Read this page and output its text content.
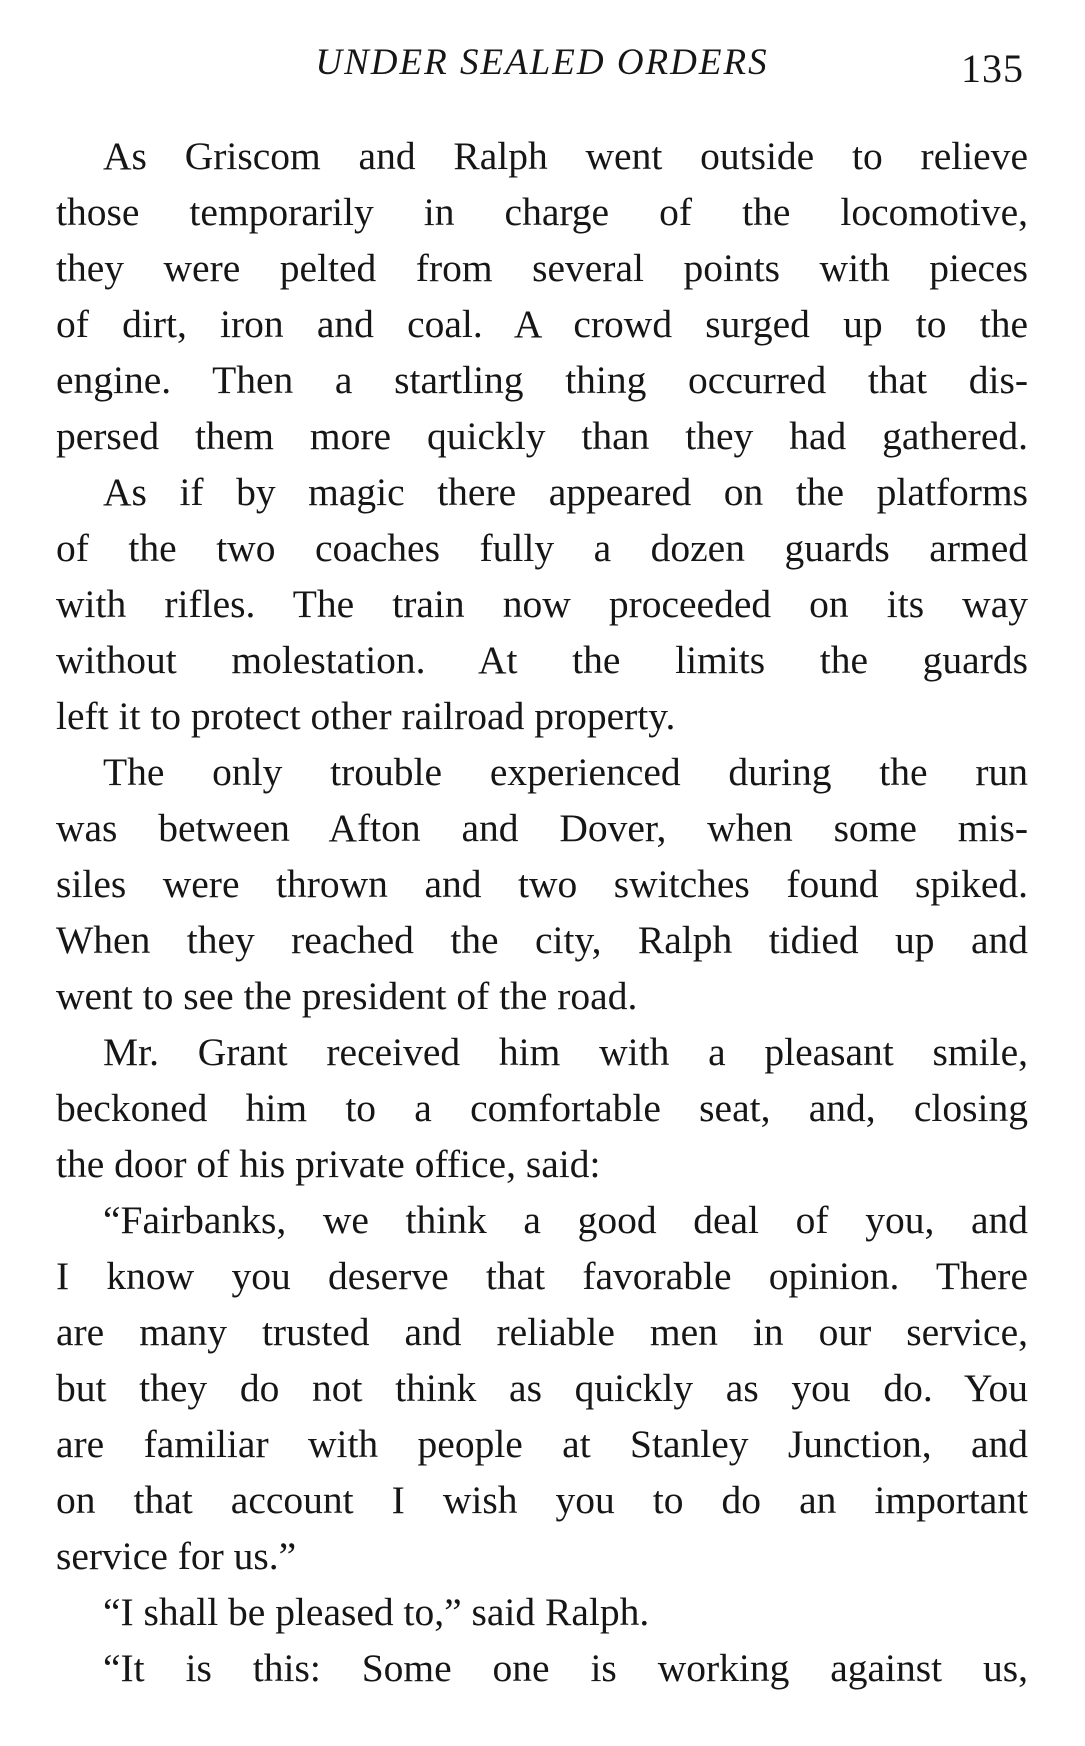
UNDER SEALED ORDERS	135
As Griscom and Ralph went outside to relieve
those temporarily in charge of the locomotive,
they were pelted from several points with pieces
of dirt, iron and coal. A crowd surged up to the
engine. Then a startling thing occurred that dis-
persed them more quickly than they had gathered.
As if by magic there appeared on the platforms
of the two coaches fully a dozen guards armed
with rifles. The train now proceeded on its way
without molestation. At the limits the guards
left it to protect other railroad property.
The only trouble experienced during the run
was between Afton and Dover, when some mis-
siles were thrown and two switches found spiked.
When they reached the city, Ralph tidied up and
went to see the president of the road.
Mr. Grant received him with a pleasant smile,
beckoned him to a comfortable seat, and, closing
the door of his private office, said:
“Fairbanks, we think a good deal of you, and
I know you deserve that favorable opinion. There
are many trusted and reliable men in our service,
but they do not think as quickly as you do. You
are familiar with people at Stanley Junction, and
on that account I wish you to do an important
service for us.”
“I shall be pleased to,” said Ralph.
“It is this: Some one is working against us,
